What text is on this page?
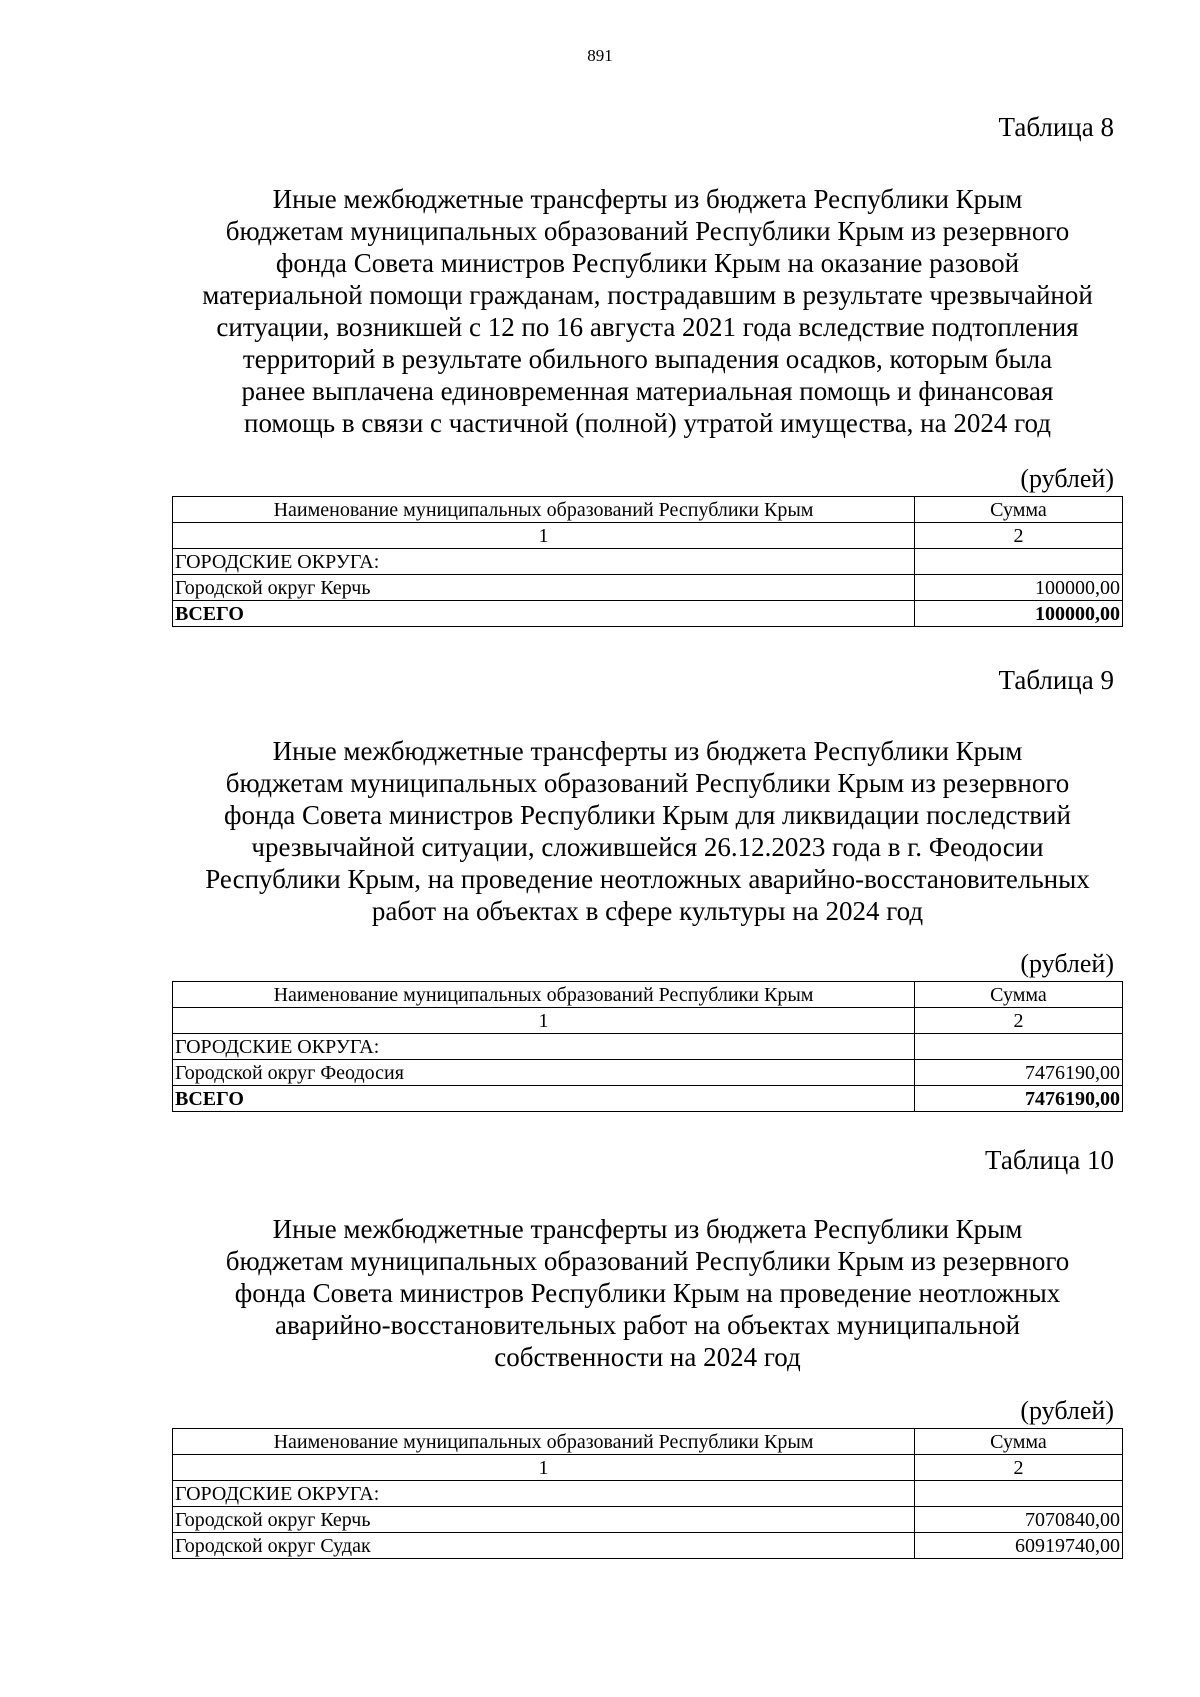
891
Таблица 8
Иные межбюджетные трансферты из бюджета Республики Крым
бюджетам муниципальных образований Республики Крым из резервного
фонда Совета министров Республики Крым на оказание разовой
материальной помощи гражданам, пострадавшим в результате чрезвычайной
ситуации, возникшей с 12 по 16 августа 2021 года вследствие подтопления
территорий в результате обильного выпадения осадков, которым была
ранее выплачена единовременная материальная помощь и финансовая
помощь в связи с частичной (полной) утратой имущества, на 2024 год
(рублей)
Наименование муниципальных образований Республики Крым	Сумма
1	2
ГОРОДСКИЕ ОКРУГА:	
Городской округ Керчь	100000,00
ВСЕГО	100000,00
Таблица 9
Иные межбюджетные трансферты из бюджета Республики Крым
бюджетам муниципальных образований Республики Крым из резервного
фонда Совета министров Республики Крым для ликвидации последствий
чрезвычайной ситуации, сложившейся 26.12.2023 года в г. Феодосии
Республики Крым, на проведение неотложных аварийно-восстановительных
работ на объектах в сфере культуры на 2024 год
(рублей)
Наименование муниципальных образований Республики Крым	Сумма
1	2
ГОРОДСКИЕ ОКРУГА:	
Городской округ Феодосия	7476190,00
ВСЕГО	7476190,00
Таблица 10
Иные межбюджетные трансферты из бюджета Республики Крым
бюджетам муниципальных образований Республики Крым из резервного
фонда Совета министров Республики Крым на проведение неотложных
аварийно-восстановительных работ на объектах муниципальной
собственности на 2024 год
(рублей)
Наименование муниципальных образований Республики Крым	Сумма
1	2
ГОРОДСКИЕ ОКРУГА:	
Городской округ Керчь	7070840,00
Городской округ Судак	60919740,00
